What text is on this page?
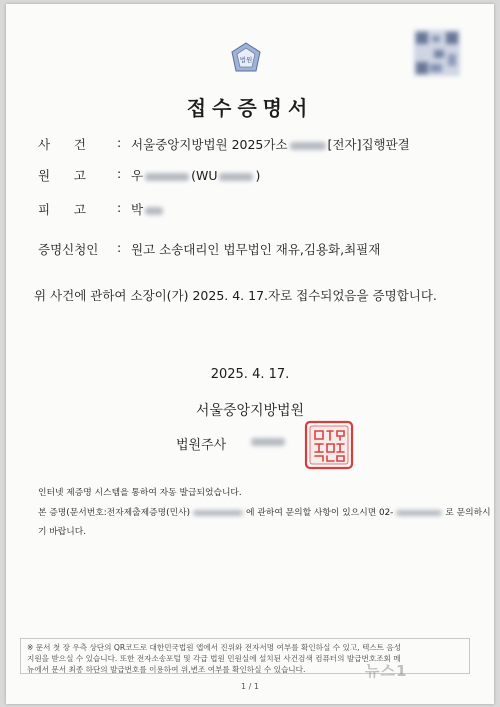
법원
접수증명서
사      건 : 서울중앙지방법원 2025가소	[전자]집행판결
원      고 : 우	(WU	)
피      고 : 박
증명신청인 : 원고 소송대리인 법무법인 재유,김용화,최필재
위 사건에 관하여 소장이(가) 2025. 4. 17.자로 접수되었음을 증명합니다.
2025. 4. 17.
서울중앙지방법원
법원주사
서울중앙지방법원
인터넷 제증명 시스템을 통하여 자동 발급되었습니다.
본 증명(문서번호:전자제출제증명(민사)	에 관하여 문의할 사항이 있으시면 02-	로 문의하시
기 바랍니다.
※ 문서 첫 장 우측 상단의 QR코드로 대한민국법원 앱에서 진위와 전자서명 여부를 확인하실 수 있고, 텍스트 음성
지원을 받으실 수 있습니다. 또한 전자소송포털 및 각급 법원 민원실에 설치된 사건검색 컴퓨터의 발급번호조회 메
뉴에서 문서 최종 하단의 발급번호를 이용하여 위,변조 여부를 확인하실 수 있습니다.
1 / 1
뉴스1
